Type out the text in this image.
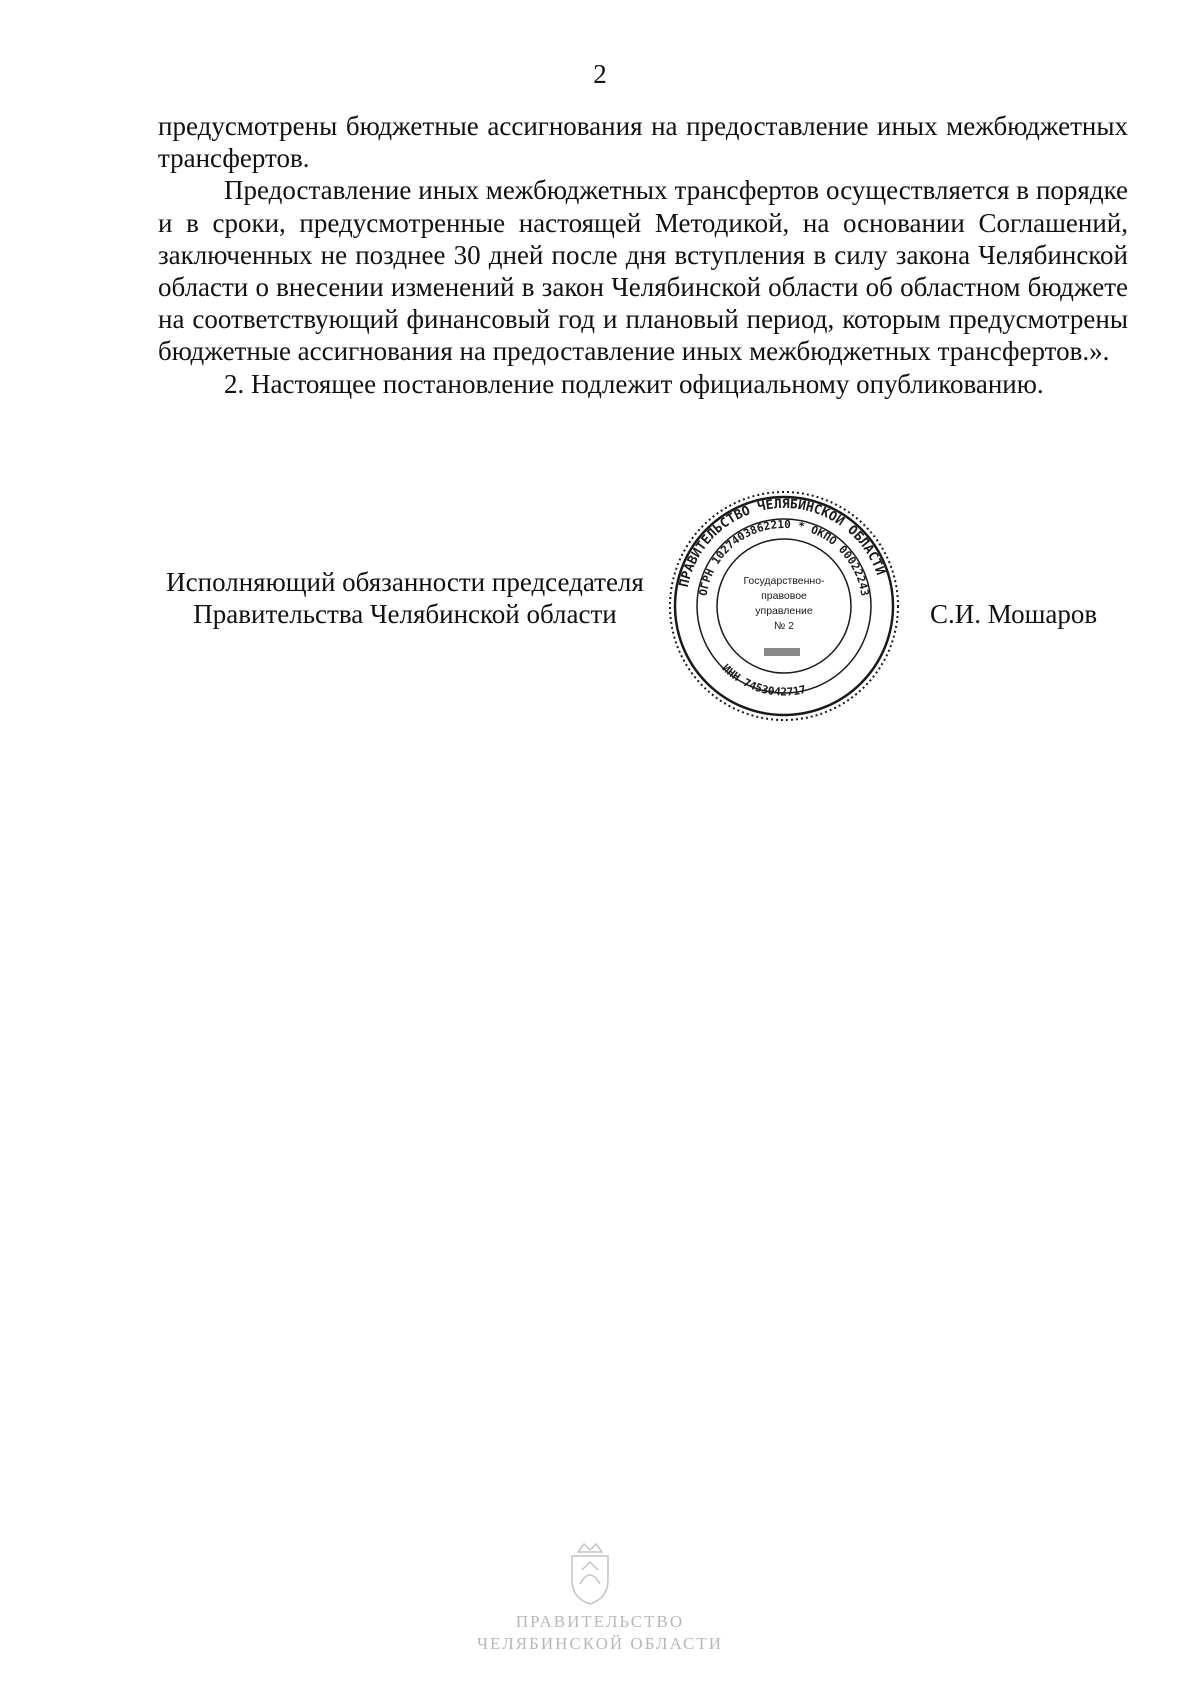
2

предусмотрены бюджетные ассигнования на предоставление иных межбюджетных трансфертов.

Предоставление иных межбюджетных трансфертов осуществляется в порядке и в сроки, предусмотренные настоящей Методикой, на основании Соглашений, заключенных не позднее 30 дней после дня вступления в силу закона Челябинской области о внесении изменений в закон Челябинской области об областном бюджете на соответствующий финансовый год и плановый период, которым предусмотрены бюджетные ассигнования на предоставление иных межбюджетных трансфертов.».

2. Настоящее постановление подлежит официальному опубликованию.

Исполняющий обязанности председателя
Правительства Челябинской области	С.И. Мошаров
ПРАВИТЕЛЬСТВО ЧЕЛЯБИНСКОЙ ОБЛАСТИ
ОГРН 1027403862210 * ОКПО 00022243
ИНН 7453042717
Государственно-
правовое
управление
№ 2
ПРАВИТЕЛЬСТВО
ЧЕЛЯБИНСКОЙ ОБЛАСТИ
